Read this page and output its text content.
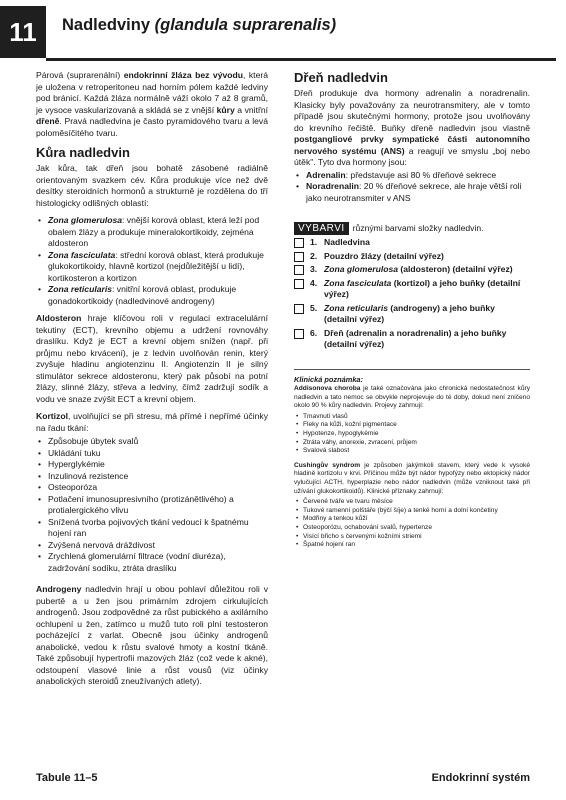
11	Nadledviny (glandula suprarenalis)

Párová (suprarenální) endokrinní žláza bez vývodu, která je uložena v retroperitoneu nad horním pólem každé ledviny pod bránicí. Každá žláza normálně váží okolo 7 až 8 gramů, je vysoce vaskularizovaná a skládá se z vnější kůry a vnitřní dřeně. Pravá nadledvina je často pyramidového tvaru a levá poloměsíčitého tvaru.

Kůra nadledvin

Jak kůra, tak dřeň jsou bohatě zásobené radiálně orientovaným svazkem cév. Kůra produkuje více než dvě desítky steroidních hormonů a strukturně je rozdělena do tří histologicky odlišných oblastí:

• Zona glomerulosa: vnější korová oblast, která leží pod obalem žlázy a produkuje mineralokortikoidy, zejména aldosteron
• Zona fasciculata: střední korová oblast, která produkuje glukokortikoidy, hlavně kortizol (nejdůležitější u lidí), kortikosteron a kortizon
• Zona reticularis: vnitřní korová oblast, produkuje gonadokortikoidy (nadledvinové androgeny)

Aldosteron hraje klíčovou roli v regulaci extracelulární tekutiny (ECT), krevního objemu a udržení rovnováhy draslíku. Když je ECT a krevní objem snížen (např. při průjmu nebo krvácení), je z ledvin uvolňován renin, který zvyšuje hladinu angiotenzinu II. Angiotenzin II je silný stimulátor sekrece aldosteronu, který pak působí na potní žlázy, slinné žlázy, střeva a ledviny, čímž zadržují sodík a vodu ve snaze zvýšit ECT a krevní objem.

Kortizol, uvolňující se při stresu, má přímé i nepřímé účinky na řadu tkání:

• Způsobuje úbytek svalů
• Ukládání tuku
• Hyperglykémie
• Inzulinová rezistence
• Osteoporóza
• Potlačení imunosupresivního (protizánětlivého) a protialergického vlivu
• Snížená tvorba pojivových tkání vedoucí k špatnému hojení ran
• Zvýšená nervová dráždivost
• Zrychlená glomerulární filtrace (vodní diuréza), zadržování sodíku, ztráta draslíku

Androgeny nadledvin hrají u obou pohlaví důležitou roli v pubertě a u žen jsou primárním zdrojem cirkulujících androgenů. Jsou zodpovědné za růst pubického a axilárního ochlupení u žen, zatímco u mužů tuto roli plní testosteron pocházející z varlat. Obecně jsou účinky androgenů anabolické, vedou k růstu svalové hmoty a kostní tkáně. Také způsobují hypertrofii mazových žláz (což vede k akné), odstoupení vlasové linie a růst vousů (viz účinky anabolických steroidů zneužívaných atlety).

Dřeň nadledvin

Dřeň produkuje dva hormony adrenalin a noradrenalin. Klasicky byly považovány za neurotransmitery, ale v tomto případě jsou skutečnými hormony, protože jsou uvolňovány do krevního řečiště. Buňky dřeně nadledvin jsou vlastně postgangliové prvky sympatické části autonomního nervového systému (ANS) a reagují ve smyslu „boj nebo útěk". Tyto dva hormony jsou:

• Adrenalin: představuje asi 80 % dřeňové sekrece
• Noradrenalin: 20 % dřeňové sekrece, ale hraje větší roli jako neurotransmiter v ANS
VYBARVI různými barvami složky nadledvin.
1. Nadledvina
2. Pouzdro žlázy (detailní výřez)
3. Zona glomerulosa (aldosteron) (detailní výřez)
4. Zona fasciculata (kortizol) a jeho buňky (detailní výřez)
5. Zona reticularis (androgeny) a jeho buňky (detailní výřez)
6. Dřeň (adrenalin a noradrenalin) a jeho buňky (detailní výřez)
Klinická poznámka:

Addisonova choroba je také označována jako chronická nedostatečnost kůry nadledvin a tato nemoc se obvykle neprojevuje do té doby, dokud není zničeno okolo 90 % kůry nadledvin. Projevy zahrnují:

• Tmavnutí vlasů
• Fleky na kůži, kožní pigmentace
• Hypotenze, hypoglykémie
• Ztráta váhy, anorexie, zvracení, průjem
• Svalová slabost

Cushingův syndrom je způsoben jakýmkoli stavem, který vede k vysoké hladině kortizolu v krvi. Příčinou může být nádor hypofýzy nebo ektopický nádor vylučující ACTH, hyperplazie nebo nádor nadledvin (může vzniknout také při užívání glukokortikoidů). Klinické příznaky zahrnují:

• Červené tváře ve tvaru měsíce
• Tukové ramenní polštáře (býčí šíje) a tenké horní a dolní končetiny
• Modřiny a tenkou kůží
• Osteoporózu, ochabování svalů, hypertenze
• Visící břicho s červenými kožními striemi
• Špatné hojení ran
Tabule 11–5	Endokrinní systém
